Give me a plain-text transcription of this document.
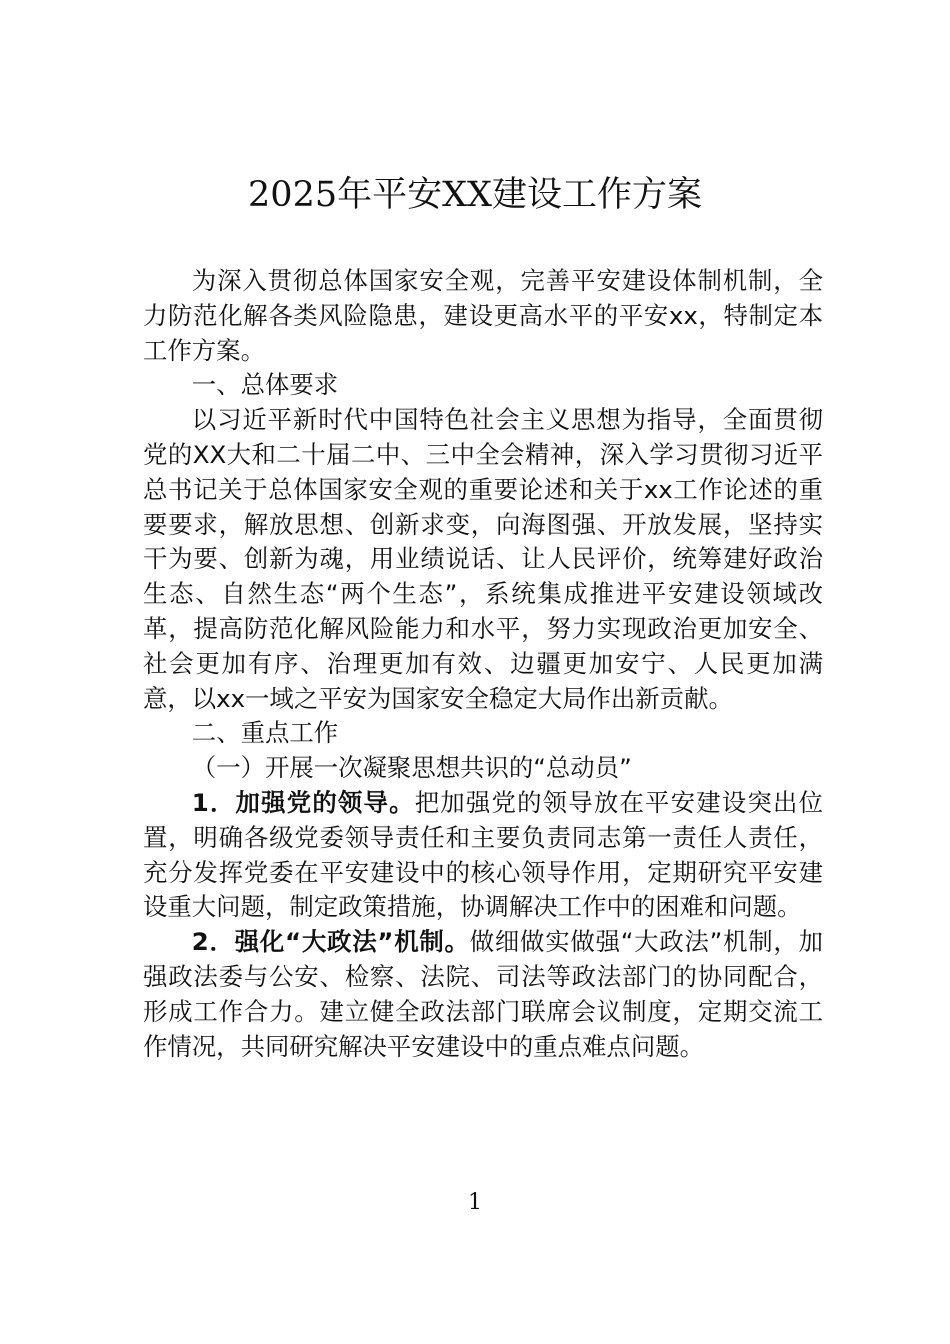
2025年平安XX建设工作方案

为深入贯彻总体国家安全观，完善平安建设体制机制，全力防范化解各类风险隐患，建设更高水平的平安xx，特制定本工作方案。

一、总体要求

以习近平新时代中国特色社会主义思想为指导，全面贯彻党的XX大和二十届二中、三中全会精神，深入学习贯彻习近平总书记关于总体国家安全观的重要论述和关于xx工作论述的重要要求，解放思想、创新求变，向海图强、开放发展，坚持实干为要、创新为魂，用业绩说话、让人民评价，统筹建好政治生态、自然生态“两个生态”，系统集成推进平安建设领域改革，提高防范化解风险能力和水平，努力实现政治更加安全、社会更加有序、治理更加有效、边疆更加安宁、人民更加满意，以xx一域之平安为国家安全稳定大局作出新贡献。

二、重点工作

（一）开展一次凝聚思想共识的“总动员”

1．加强党的领导。把加强党的领导放在平安建设突出位置，明确各级党委领导责任和主要负责同志第一责任人责任，充分发挥党委在平安建设中的核心领导作用，定期研究平安建设重大问题，制定政策措施，协调解决工作中的困难和问题。

2．强化“大政法”机制。做细做实做强“大政法”机制，加强政法委与公安、检察、法院、司法等政法部门的协同配合，形成工作合力。建立健全政法部门联席会议制度，定期交流工作情况，共同研究解决平安建设中的重点难点问题。

1
